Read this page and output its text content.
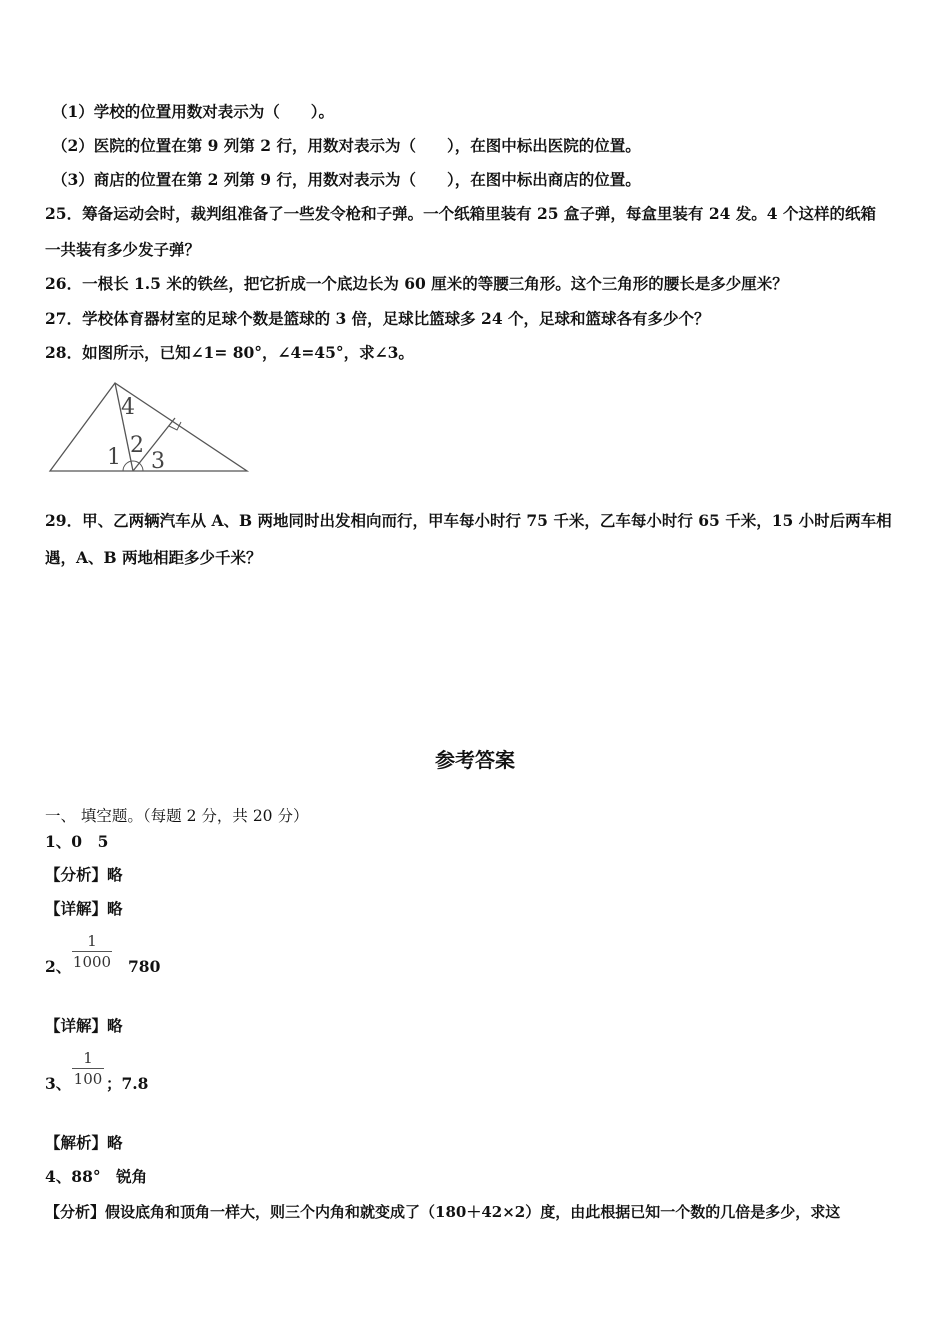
（1）学校的位置用数对表示为（　　）。
（2）医院的位置在第 9 列第 2 行，用数对表示为（　　），在图中标出医院的位置。
（3）商店的位置在第 2 列第 9 行，用数对表示为（　　），在图中标出商店的位置。
25．筹备运动会时，裁判组准备了一些发令枪和子弹。一个纸箱里装有 25 盒子弹，每盒里装有 24 发。4 个这样的纸箱
一共装有多少发子弹？
26．一根长 1.5 米的铁丝，把它折成一个底边长为 60 厘米的等腰三角形。这个三角形的腰长是多少厘米？
27．学校体育器材室的足球个数是篮球的 3 倍，足球比篮球多 24 个，足球和篮球各有多少个？
28．如图所示，已知∠1= 80°，∠4=45°，求∠3。
4
2
1 3
29．甲、乙两辆汽车从 A、B 两地同时出发相向而行，甲车每小时行 75 千米，乙车每小时行 65 千米，15 小时后两车相
遇，A、B 两地相距多少千米？
参考答案
一、 填空题。（每题 2 分，共 20 分）
1、0　5
【分析】略
【详解】略
2、
1
1000 780
【详解】略
3、
1
100 ；7.8
【解析】略
4、88°　锐角
【分析】假设底角和顶角一样大，则三个内角和就变成了（180＋42×2）度，由此根据已知一个数的几倍是多少，求这
